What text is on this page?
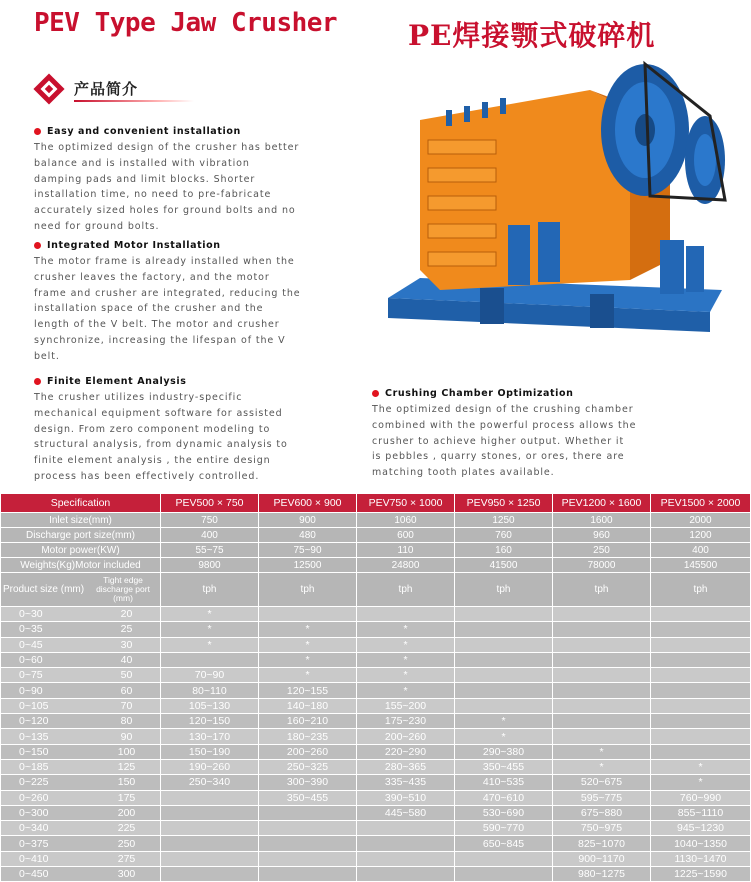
PEV Type Jaw Crusher	PE焊接颚式破碎机
产品简介
Easy and convenient installation
The optimized design of the crusher has better
balance and is installed with vibration
damping pads and limit blocks. Shorter
installation time, no need to pre-fabricate
accurately sized holes for ground bolts and no
need for ground bolts.
Integrated Motor Installation
The motor frame is already installed when the
crusher leaves the factory, and the motor
frame and crusher are integrated, reducing the
installation space of the crusher and the
length of the V belt. The motor and crusher
synchronize, increasing the lifespan of the V
belt.
Finite Element Analysis
The crusher utilizes industry-specific
mechanical equipment software for assisted
design. From zero component modeling to
structural analysis, from dynamic analysis to
finite element analysis , the entire design
process has been effectively controlled.
Crushing Chamber Optimization
The optimized design of the crushing chamber
combined with the powerful process allows the
crusher to achieve higher output. Whether it
is pebbles , quarry stones, or ores, there are
matching tooth plates available.
Specification	PEV500 × 750	PEV600 × 900	PEV750 × 1000	PEV950 × 1250	PEV1200 × 1600	PEV1500 × 2000
Inlet size(mm)	750	900	1060	1250	1600	2000
Discharge port size(mm)	400	480	600	760	960	1200
Motor power(KW)	55~75	75~90	110	160	250	400
Weights(Kg)Motor included	9800	12500	24800	41500	78000	145500

Product size (mm)
Tight edge discharge port (mm)	tph	tph	tph	tph	tph	tph

0~30 20	*					

0~35 25	*	*	*			

0~45 30	*	*	*			

0~60 40		*	*			

0~75 50	70~90	*	*			

0~90 60	80~110	120~155	*			

0~105 70	105~130	140~180	155~200			

0~120 80	120~150	160~210	175~230	*		

0~135 90	130~170	180~235	200~260	*		

0~150 100	150~190	200~260	220~290	290~380	*	

0~185 125	190~260	250~325	280~365	350~455	*	*

0~225 150	250~340	300~390	335~435	410~535	520~675	*

0~260 175		350~455	390~510	470~610	595~775	760~990

0~300 200			445~580	530~690	675~880	855~1110

0~340 225				590~770	750~975	945~1230

0~375 250				650~845	825~1070	1040~1350

0~410 275					900~1170	1130~1470

0~450 300					980~1275	1225~1590
